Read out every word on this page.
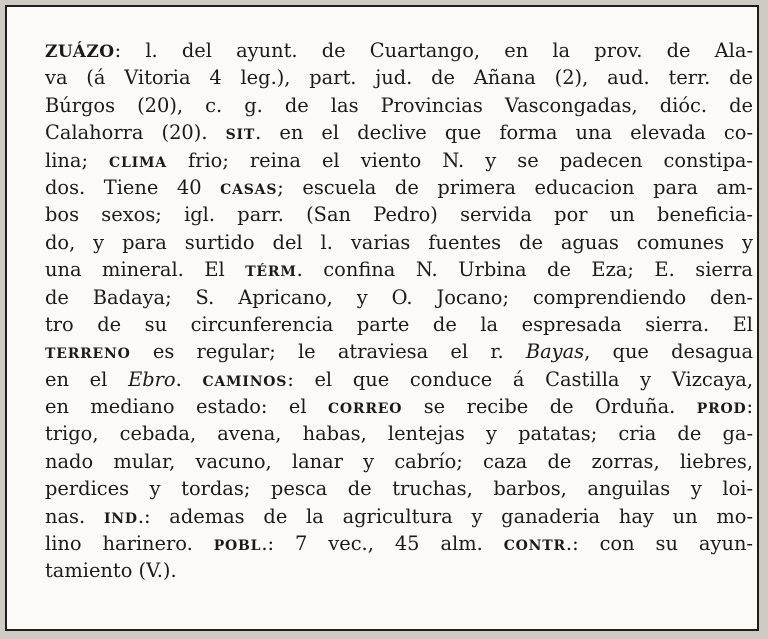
ZUÁZO: l. del ayunt. de Cuartango, en la prov. de Ala-
va (á Vitoria 4 leg.), part. jud. de Añana (2), aud. terr. de
Búrgos (20), c. g. de las Provincias Vascongadas, dióc. de
Calahorra (20). SIT. en el declive que forma una elevada co-
lina; CLIMA frio; reina el viento N. y se padecen constipa-
dos. Tiene 40 CASAS; escuela de primera educacion para am-
bos sexos; igl. parr. (San Pedro) servida por un beneficia-
do, y para surtido del l. varias fuentes de aguas comunes y
una mineral. El TÉRM. confina N. Urbina de Eza; E. sierra
de Badaya; S. Apricano, y O. Jocano; comprendiendo den-
tro de su circunferencia parte de la espresada sierra. El
TERRENO es regular; le atraviesa el r. Bayas, que desagua
en el Ebro. CAMINOS: el que conduce á Castilla y Vizcaya,
en mediano estado: el CORREO se recibe de Orduña. PROD:
trigo, cebada, avena, habas, lentejas y patatas; cria de ga-
nado mular, vacuno, lanar y cabrío; caza de zorras, liebres,
perdices y tordas; pesca de truchas, barbos, anguilas y loi-
nas. IND.: ademas de la agricultura y ganaderia hay un mo-
lino harinero. POBL.: 7 vec., 45 alm. CONTR.: con su ayun-
tamiento (V.).
